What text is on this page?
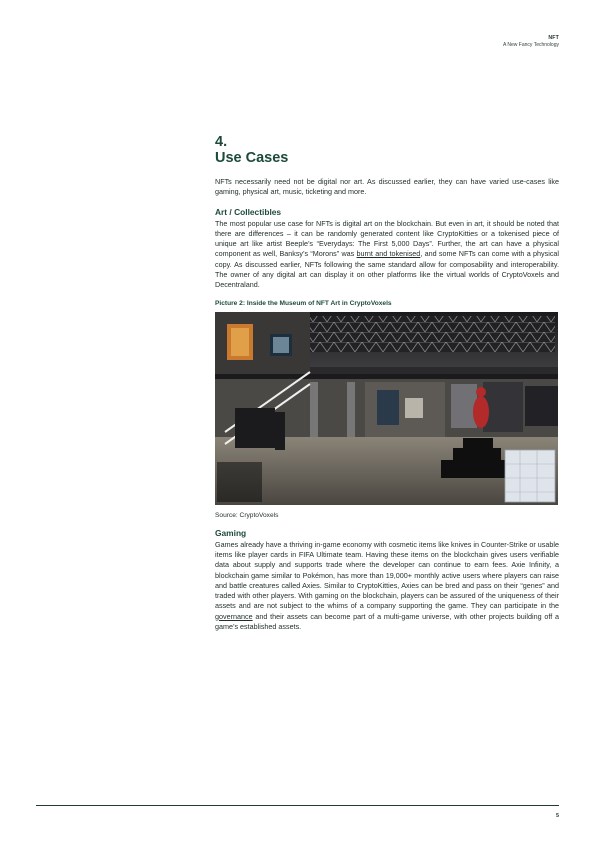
NFT
A New Fancy Technology
4.
Use Cases

NFTs necessarily need not be digital nor art. As discussed earlier, they can have varied use-cases like gaming, physical art, music, ticketing and more.

Art / Collectibles

The most popular use case for NFTs is digital art on the blockchain. But even in art, it should be noted that there are differences – it can be randomly generated content like CryptoKitties or a tokenised piece of unique art like artist Beeple’s “Everydays: The First 5,000 Days”. Further, the art can have a physical component as well, Banksy’s “Morons” was burnt and tokenised, and some NFTs can come with a physical copy. As discussed earlier, NFTs following the same standard allow for composability and interoperability. The owner of any digital art can display it on other platforms like the virtual worlds of CryptoVoxels and Decentraland.

Picture 2: Inside the Museum of NFT Art in CryptoVoxels
Source: CryptoVoxels
Gaming

Games already have a thriving in-game economy with cosmetic items like knives in Counter-Strike or usable items like player cards in FIFA Ultimate team. Having these items on the blockchain gives users verifiable data about supply and supports trade where the developer can continue to earn fees. Axie Infinity, a blockchain game similar to Pokémon, has more than 19,000+ monthly active users where players can raise and battle creatures called Axies. Similar to CryptoKitties, Axies can be bred and pass on their “genes” and traded with other players. With gaming on the blockchain, players can be assured of the uniqueness of their assets and are not subject to the whims of a company supporting the game. They can participate in the governance and their assets can become part of a multi-game universe, with other projects building off a game’s established assets.

5
